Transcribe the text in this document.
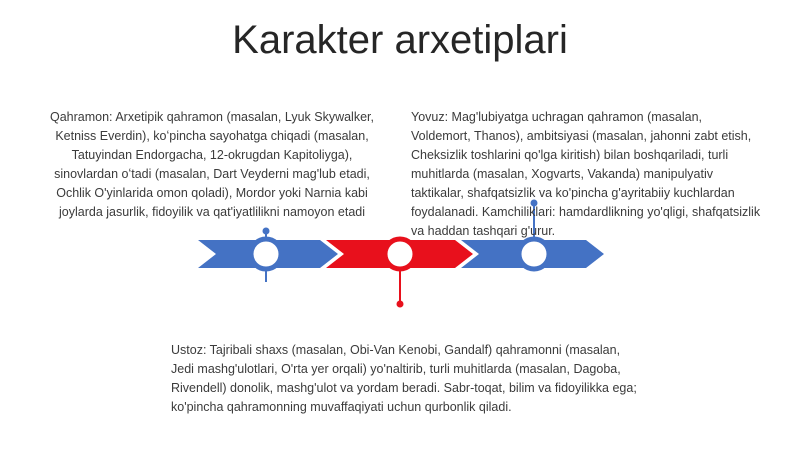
Karakter arxetiplari
Qahramon: Arxetipik qahramon (masalan, Lyuk Skywalker, Ketniss Everdin), koʻpincha sayohatga chiqadi (masalan, Tatuyindan Endorgacha, 12-okrugdan Kapitoliyga), sinovlardan oʻtadi (masalan, Dart Veyderni mag'lub etadi, Ochlik O'yinlarida omon qoladi), Mordor yoki Narnia kabi joylarda jasurlik, fidoyilik va qat'iyatlilikni namoyon etadi
Yovuz: Mag'lubiyatga uchragan qahramon (masalan, Voldemort, Thanos), ambitsiyasi (masalan, jahonni zabt etish, Cheksizlik toshlarini qo'lga kiritish) bilan boshqariladi, turli muhitlarda (masalan, Xogvarts, Vakanda) manipulyativ taktikalar, shafqatsizlik va ko'pincha g'ayritabiiy kuchlardan foydalanadi. Kamchiliklari: hamdardlikning yo'qligi, shafqatsizlik va haddan tashqari g'urur.
Ustoz: Tajribali shaxs (masalan, Obi-Van Kenobi, Gandalf) qahramonni (masalan, Jedi mashg'ulotlari, O'rta yer orqali) yo'naltirib, turli muhitlarda (masalan, Dagoba, Rivendell) donolik, mashg'ulot va yordam beradi. Sabr-toqat, bilim va fidoyilikka ega; ko'pincha qahramonning muvaffaqiyati uchun qurbonlik qiladi.
